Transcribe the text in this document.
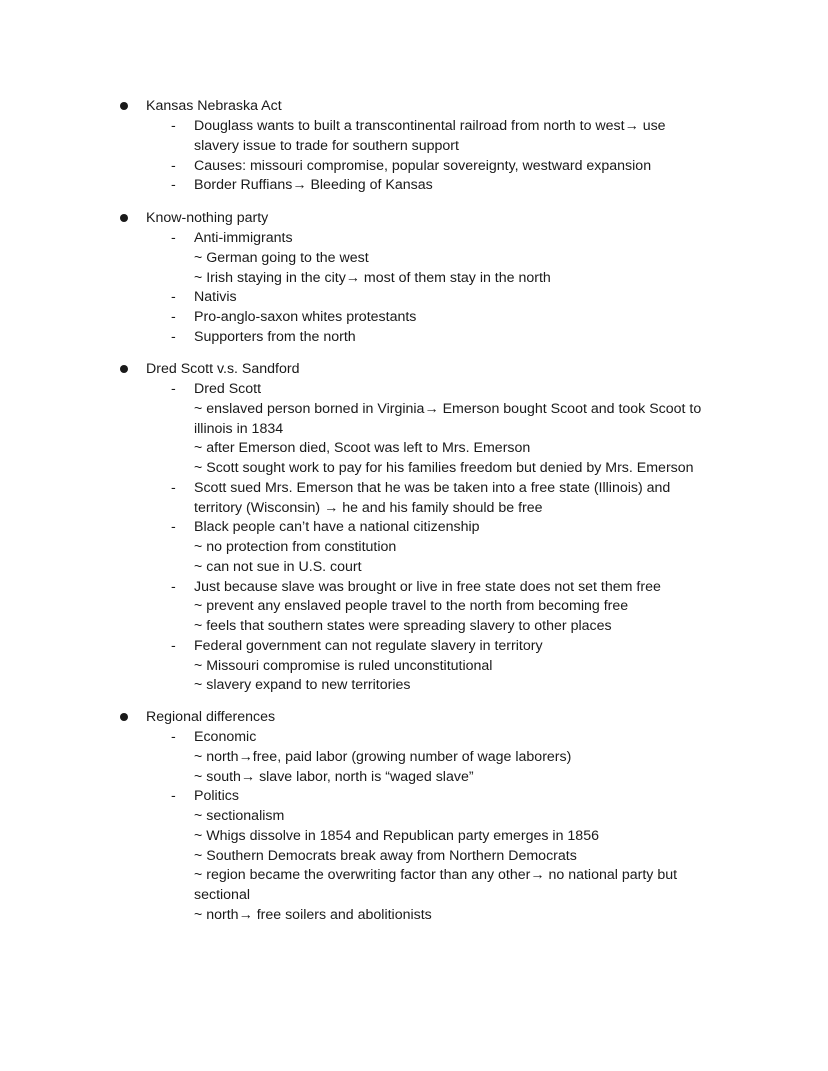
Kansas Nebraska Act
- Douglass wants to built a transcontinental railroad from north to west→ use
slavery issue to trade for southern support
- Causes: missouri compromise, popular sovereignty, westward expansion
- Border Ruffians→ Bleeding of Kansas
Know-nothing party
- Anti-immigrants
~ German going to the west
~ Irish staying in the city→ most of them stay in the north
- Nativis
- Pro-anglo-saxon whites protestants
- Supporters from the north
Dred Scott v.s. Sandford
- Dred Scott
~ enslaved person borned in Virginia→ Emerson bought Scoot and took Scoot to
illinois in 1834
~ after Emerson died, Scoot was left to Mrs. Emerson
~ Scott sought work to pay for his families freedom but denied by Mrs. Emerson
- Scott sued Mrs. Emerson that he was be taken into a free state (Illinois) and
territory (Wisconsin) → he and his family should be free
- Black people can’t have a national citizenship
~ no protection from constitution
~ can not sue in U.S. court
- Just because slave was brought or live in free state does not set them free
~ prevent any enslaved people travel to the north from becoming free
~ feels that southern states were spreading slavery to other places
- Federal government can not regulate slavery in territory
~ Missouri compromise is ruled unconstitutional
~ slavery expand to new territories
Regional differences
- Economic
~ north→free, paid labor (growing number of wage laborers)
~ south→ slave labor, north is “waged slave”
- Politics
~ sectionalism
~ Whigs dissolve in 1854 and Republican party emerges in 1856
~ Southern Democrats break away from Northern Democrats
~ region became the overwriting factor than any other→ no national party but
sectional
~ north→ free soilers and abolitionists
